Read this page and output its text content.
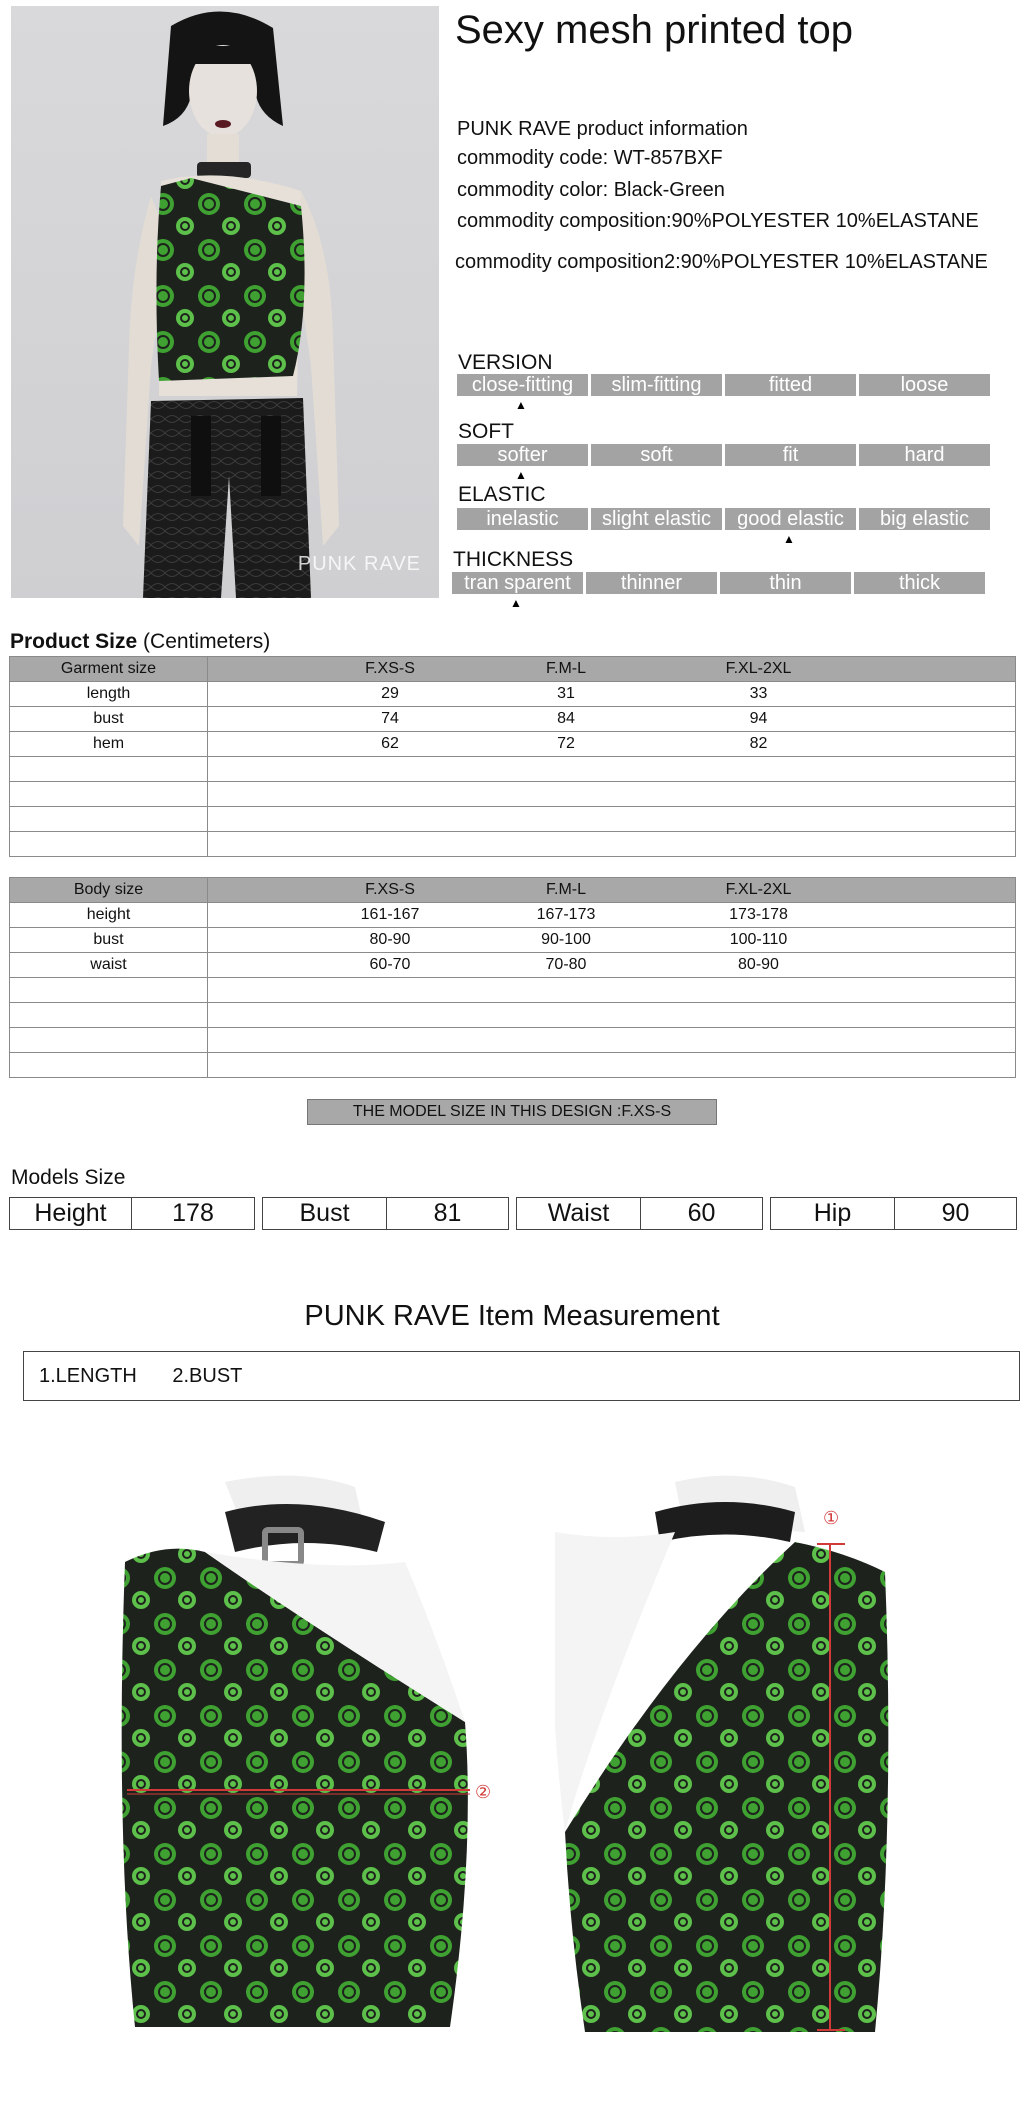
PUNK RAVE
Sexy mesh printed top
PUNK RAVE product information
commodity code: WT-857BXF
commodity color: Black-Green
commodity composition:90%POLYESTER 10%ELASTANE
commodity composition2:90%POLYESTER 10%ELASTANE
VERSION
close-fitting	slim-fitting	fitted	loose
▲
SOFT
softer	soft	fit	hard
▲
ELASTIC
inelastic	slight elastic	good elastic	big elastic
▲
THICKNESS
tran sparent	thinner	thin	thick
▲
Product Size (Centimeters)
Garment size	F.XS-S F.M-L F.XL-2XL

length	29 31 33

bust	74 84 94

hem	62 72 82

Body size	F.XS-S F.M-L F.XL-2XL

height	161-167 167-173 173-178

bust	80-90 90-100 100-110

waist	60-70 70-80 80-90

THE MODEL SIZE IN THIS DESIGN :F.XS-S
Models Size
Height	178	Bust	81	Waist	60	Hip	90
PUNK RAVE Item Measurement
1.LENGTH 2.BUST
②
①
